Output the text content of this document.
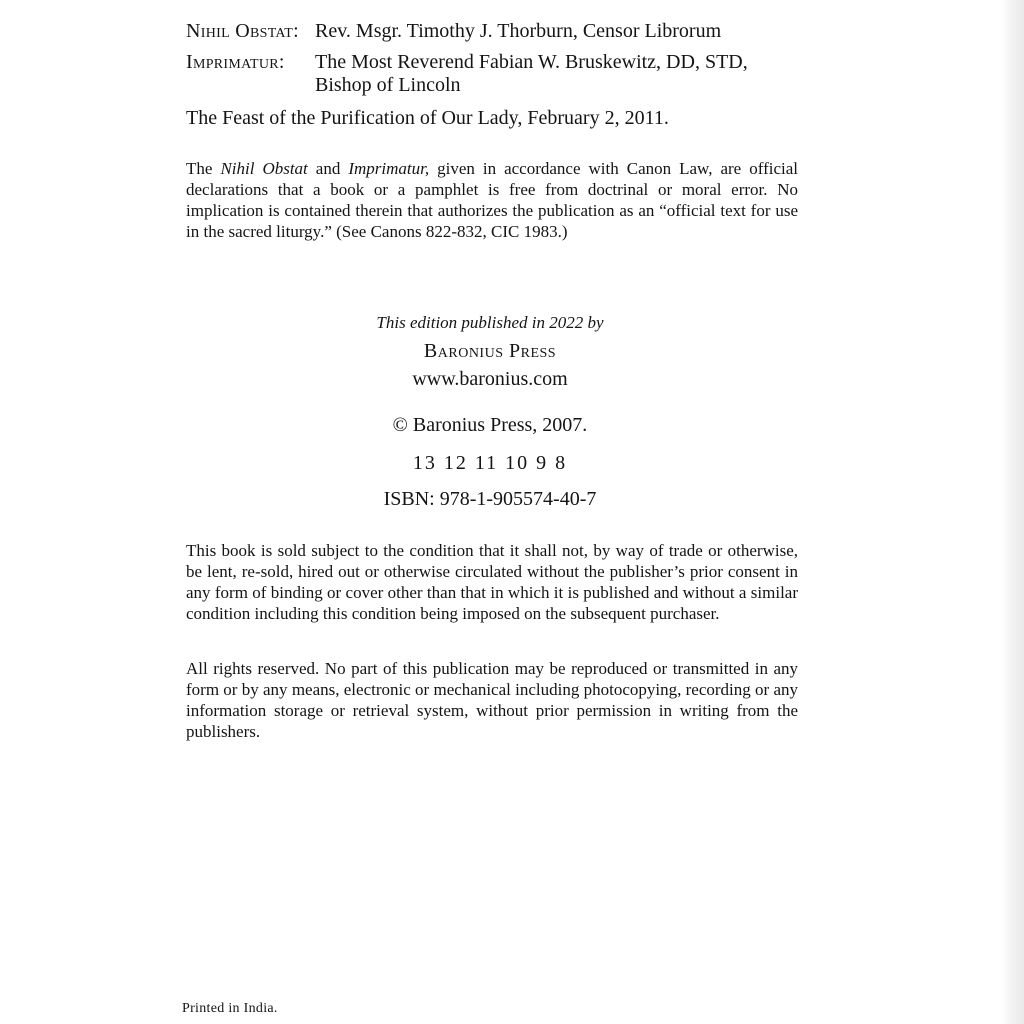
Nihil Obstat: Rev. Msgr. Timothy J. Thorburn, Censor Librorum
Imprimatur:	The Most Reverend Fabian W. Bruskewitz, DD, STD,
Bishop of Lincoln
The Feast of the Purification of Our Lady, February 2, 2011.
The Nihil Obstat and Imprimatur, given in accordance with Canon Law, are official declarations that a book or a pamphlet is free from doctrinal or moral error. No implication is contained therein that authorizes the publication as an “official text for use in the sacred liturgy.” (See Canons 822-832, CIC 1983.)
This edition published in 2022 by
Baronius Press
www.baronius.com
© Baronius Press, 2007.
13 12 11 10 9 8
ISBN: 978-1-905574-40-7
This book is sold subject to the condition that it shall not, by way of trade or otherwise, be lent, re-sold, hired out or otherwise circulated without the publisher’s prior consent in any form of binding or cover other than that in which it is published and without a similar condition including this condition being imposed on the subsequent purchaser.
All rights reserved. No part of this publication may be reproduced or transmitted in any form or by any means, electronic or mechanical including photocopying, recording or any information storage or retrieval system, without prior permission in writing from the publishers.
Printed in India.
